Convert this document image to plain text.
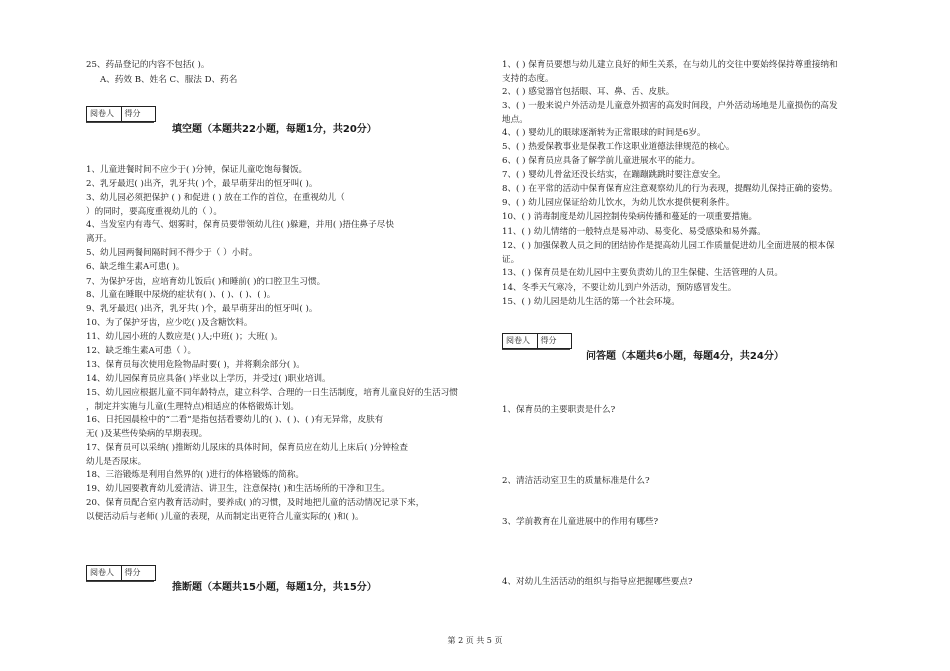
25、药品登记的内容不包括( )。
A、药效 B、姓名 C、服法 D、药名
阅卷人	得分
填空题（本题共22小题，每题1分，共20分）
1、儿童进餐时间不应少于( )分钟，保证儿童吃饱每餐饭。
2、乳牙最迟( )出齐，乳牙共( )个，最早萌芽出的恒牙叫( )。
3、幼儿园必须把保护 ( ) 和促进 ( ) 放在工作的首位，在重视幼儿（
）的同时，要高度重视幼儿的（ ）。
4、当发室内有毒气、烟雾时，保育员要带领幼儿往( )躲避，并用( )捂住鼻子尽快
离开。
5、幼儿园两餐间隔时间不得少于（ ）小时。
6、缺乏维生素A可患( )。
7、为保护牙齿，应培育幼儿饭后( )和睡前( )的口腔卫生习惯。
8、儿童在睡眠中尿烧的症状有( )、( )、( )、( )。
9、乳牙最迟( )出齐，乳牙共( )个，最早萌芽出的恒牙叫( )。
10、为了保护牙齿，应少吃( )及含糖饮料。
11、幼儿园小班的人数应是( )人;中班( )；大班( )。
12、缺乏维生素A可患（ ）。
13、保育员每次使用危险物品时要( )，并将剩余部分( )。
14、幼儿园保育员应具备( )毕业以上学历，并受过( )职业培训。
15、幼儿园应根据儿童不同年龄特点，建立科学、合理的一日生活制度，培育儿童良好的生活习惯
，制定并实施与儿童(生理特点)相适应的体格锻炼计划。
16、日托园晨检中的“二看”是指包括看婴幼儿的( )、( )、( )有无异常，皮肤有
无( )及某些传染病的早期表现。
17、保育员可以采纳( )推断幼儿尿床的具体时间，保育员应在幼儿上床后( )分钟检查
幼儿是否尿床。
18、三浴锻炼是利用自然界的( )进行的体格锻炼的简称。
19、幼儿园要教育幼儿爱清洁、讲卫生，注意保持( )和生活场所的干净和卫生。
20、保育员配合室内教育活动时，要养成( )的习惯，及时地把儿童的活动情况记录下来，
以便活动后与老师( )儿童的表现，从而制定出更符合儿童实际的( )和( )。
阅卷人	得分
推断题（本题共15小题，每题1分，共15分）
1、( ) 保育员要想与幼儿建立良好的师生关系，在与幼儿的交往中要始终保持尊重接纳和
支持的态度。
2、( ) 感觉器官包括眼、耳、鼻、舌、皮肤。
3、( ) 一般来说户外活动是儿童意外损害的高发时间段，户外活动场地是儿童损伤的高发
地点。
4、( ) 婴幼儿的眼球逐渐转为正常眼球的时间是6岁。
5、( ) 热爱保教事业是保教工作这职业道德法律规范的核心。
6、( ) 保育员应具备了解学前儿童进展水平的能力。
7、( ) 婴幼儿骨盆还没长结实，在蹦蹦跳跳时要注意安全。
8、( ) 在平常的活动中保育保育应注意观察幼儿的行为表现，提醒幼儿保持正确的姿势。
9、( ) 幼儿园应保证给幼儿饮水，为幼儿饮水提供便利条件。
10、( ) 消毒制度是幼儿园控制传染病传播和蔓延的一项重要措施。
11、( ) 幼儿情绪的一般特点是易冲动、易变化、易受感染和易外露。
12、( ) 加强保教人员之间的团结协作是提高幼儿园工作质量促进幼儿全面进展的根本保
证。
13、( ) 保育员是在幼儿园中主要负责幼儿的卫生保健、生活管理的人员。
14、冬季天气寒冷，不要让幼儿到户外活动，预防感冒发生。
15、( ) 幼儿园是幼儿生活的第一个社会环境。
阅卷人	得分
问答题（本题共6小题，每题4分，共24分）
1、保育员的主要职责是什么?
2、清洁活动室卫生的质量标准是什么?
3、学前教育在儿童进展中的作用有哪些?
4、对幼儿生活活动的组织与指导应把握哪些要点?
第 2 页 共 5 页
